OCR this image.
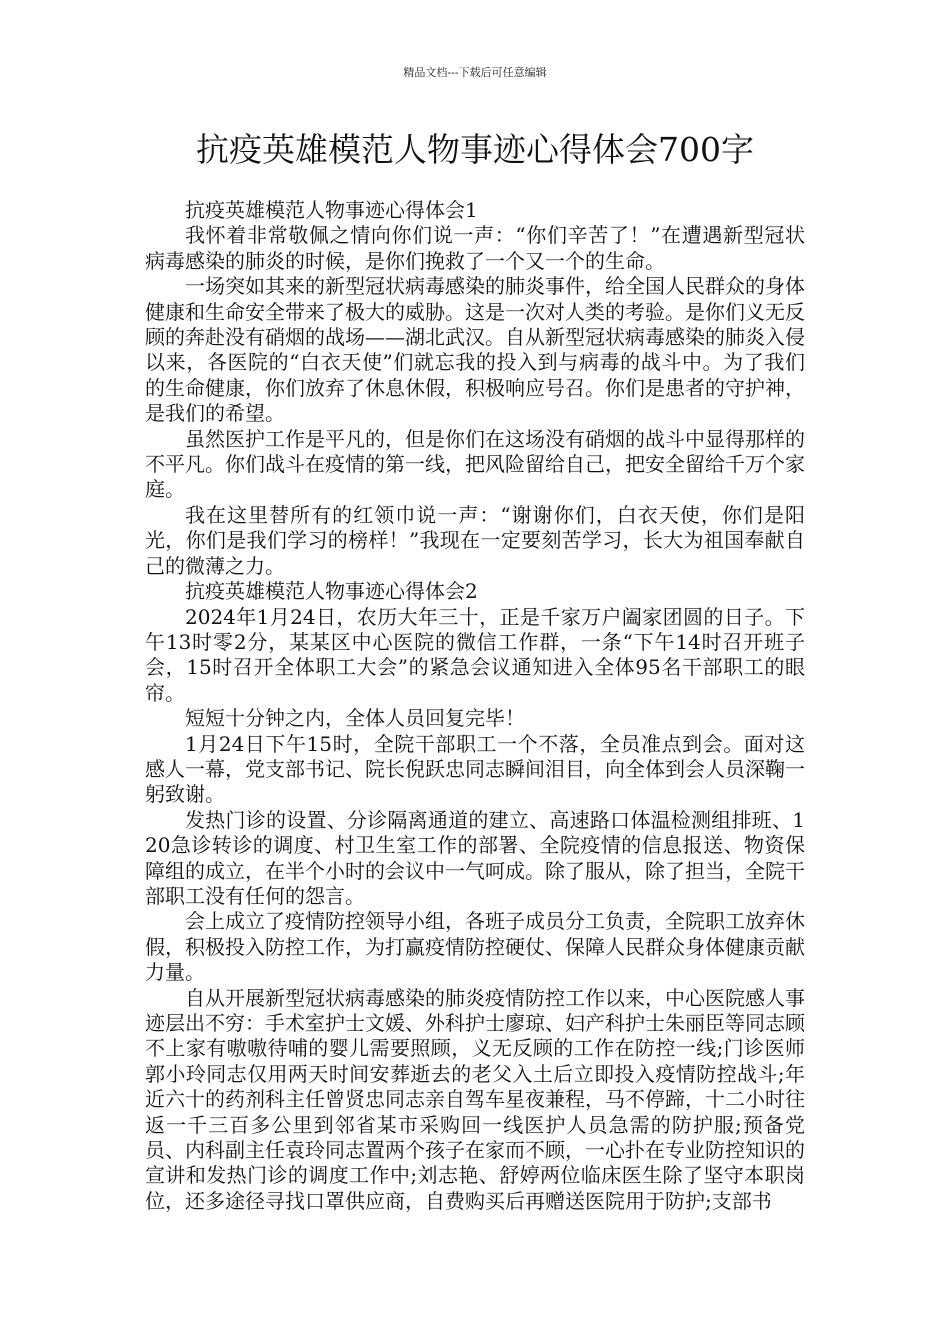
精品文档---下载后可任意编辑
抗疫英雄模范人物事迹心得体会700字

抗疫英雄模范人物事迹心得体会1

我怀着非常敬佩之情向你们说一声：“你们辛苦了！”在遭遇新型冠状病毒感染的肺炎的时候，是你们挽救了一个又一个的生命。

一场突如其来的新型冠状病毒感染的肺炎事件，给全国人民群众的身体健康和生命安全带来了极大的威胁。这是一次对人类的考验。是你们义无反顾的奔赴没有硝烟的战场——湖北武汉。自从新型冠状病毒感染的肺炎入侵以来，各医院的“白衣天使”们就忘我的投入到与病毒的战斗中。为了我们的生命健康，你们放弃了休息休假，积极响应号召。你们是患者的守护神，是我们的希望。

虽然医护工作是平凡的，但是你们在这场没有硝烟的战斗中显得那样的不平凡。你们战斗在疫情的第一线，把风险留给自己，把安全留给千万个家庭。

我在这里替所有的红领巾说一声：“谢谢你们，白衣天使，你们是阳光，你们是我们学习的榜样！”我现在一定要刻苦学习，长大为祖国奉献自己的微薄之力。

抗疫英雄模范人物事迹心得体会2

2024年1月24日，农历大年三十，正是千家万户阖家团圆的日子。下午13时零2分，某某区中心医院的微信工作群，一条“下午14时召开班子会，15时召开全体职工大会”的紧急会议通知进入全体95名干部职工的眼帘。

短短十分钟之内，全体人员回复完毕！

1月24日下午15时，全院干部职工一个不落，全员准点到会。面对这感人一幕，党支部书记、院长倪跃忠同志瞬间泪目，向全体到会人员深鞠一躬致谢。

发热门诊的设置、分诊隔离通道的建立、高速路口体温检测组排班、120急诊转诊的调度、村卫生室工作的部署、全院疫情的信息报送、物资保障组的成立，在半个小时的会议中一气呵成。除了服从，除了担当，全院干部职工没有任何的怨言。

会上成立了疫情防控领导小组，各班子成员分工负责，全院职工放弃休假，积极投入防控工作，为打赢疫情防控硬仗、保障人民群众身体健康贡献力量。

自从开展新型冠状病毒感染的肺炎疫情防控工作以来，中心医院感人事迹层出不穷：手术室护士文媛、外科护士廖琼、妇产科护士朱丽臣等同志顾不上家有嗷嗷待哺的婴儿需要照顾，义无反顾的工作在防控一线;门诊医师郭小玲同志仅用两天时间安葬逝去的老父入土后立即投入疫情防控战斗;年近六十的药剂科主任曾贤忠同志亲自驾车星夜兼程，马不停蹄，十二小时往返一千三百多公里到邻省某市采购回一线医护人员急需的防护服;预备党员、内科副主任袁玲同志置两个孩子在家而不顾，一心扑在专业防控知识的宣讲和发热门诊的调度工作中;刘志艳、舒婷两位临床医生除了坚守本职岗位，还多途径寻找口罩供应商，自费购买后再赠送医院用于防护;支部书
